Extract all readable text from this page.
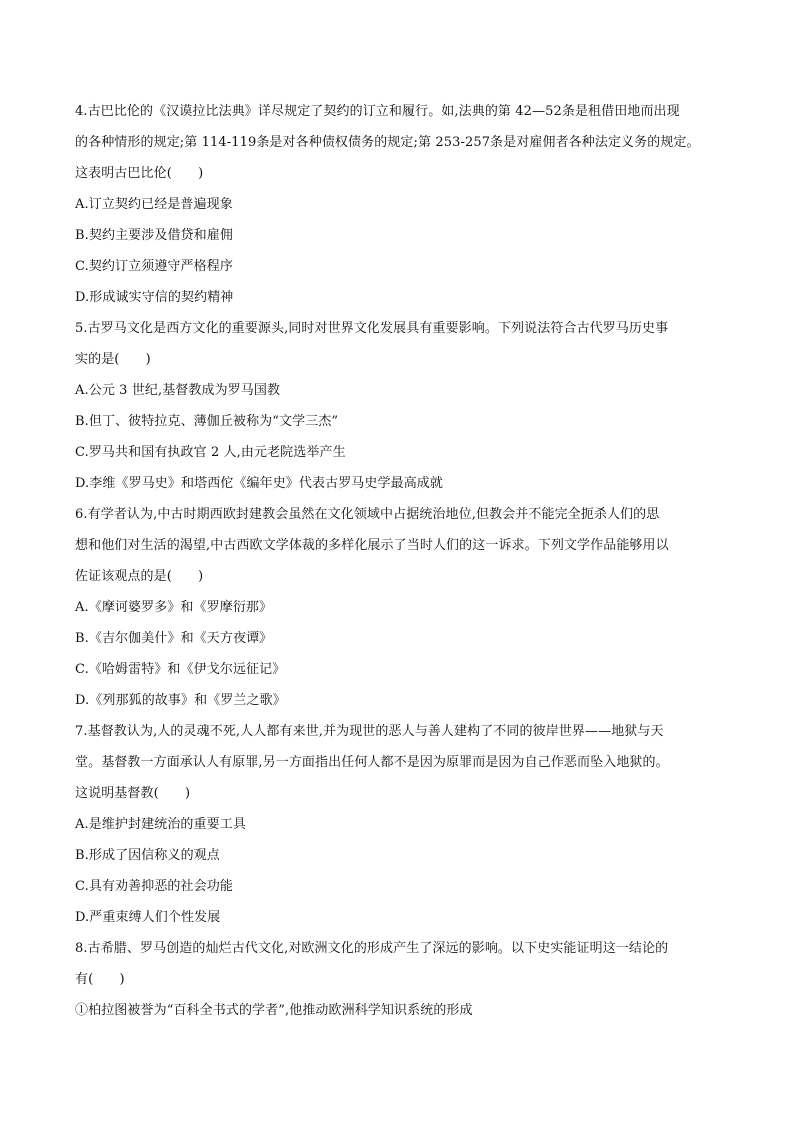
4.古巴比伦的《汉谟拉比法典》详尽规定了契约的订立和履行。如,法典的第 42—52条是租借田地而出现
的各种情形的规定;第 114-119条是对各种债权债务的规定;第 253-257条是对雇佣者各种法定义务的规定。
这表明古巴比伦(　　)
A.订立契约已经是普遍现象
B.契约主要涉及借贷和雇佣
C.契约订立须遵守严格程序
D.形成诚实守信的契约精神
5.古罗马文化是西方文化的重要源头,同时对世界文化发展具有重要影响。下列说法符合古代罗马历史事
实的是(　　)
A.公元 3 世纪,基督教成为罗马国教
B.但丁、彼特拉克、薄伽丘被称为“文学三杰”
C.罗马共和国有执政官 2 人,由元老院选举产生
D.李维《罗马史》和塔西佗《编年史》代表古罗马史学最高成就
6.有学者认为,中古时期西欧封建教会虽然在文化领域中占据统治地位,但教会并不能完全扼杀人们的思
想和他们对生活的渴望,中古西欧文学体裁的多样化展示了当时人们的这一诉求。下列文学作品能够用以
佐证该观点的是(　　)
A.《摩诃婆罗多》和《罗摩衍那》
B.《吉尔伽美什》和《天方夜谭》
C.《哈姆雷特》和《伊戈尔远征记》
D.《列那狐的故事》和《罗兰之歌》
7.基督教认为,人的灵魂不死,人人都有来世,并为现世的恶人与善人建构了不同的彼岸世界——地狱与天
堂。基督教一方面承认人有原罪,另一方面指出任何人都不是因为原罪而是因为自己作恶而坠入地狱的。
这说明基督教(　　)
A.是维护封建统治的重要工具
B.形成了因信称义的观点
C.具有劝善抑恶的社会功能
D.严重束缚人们个性发展
8.古希腊、罗马创造的灿烂古代文化,对欧洲文化的形成产生了深远的影响。以下史实能证明这一结论的
有(　　)
①柏拉图被誉为“百科全书式的学者”,他推动欧洲科学知识系统的形成
